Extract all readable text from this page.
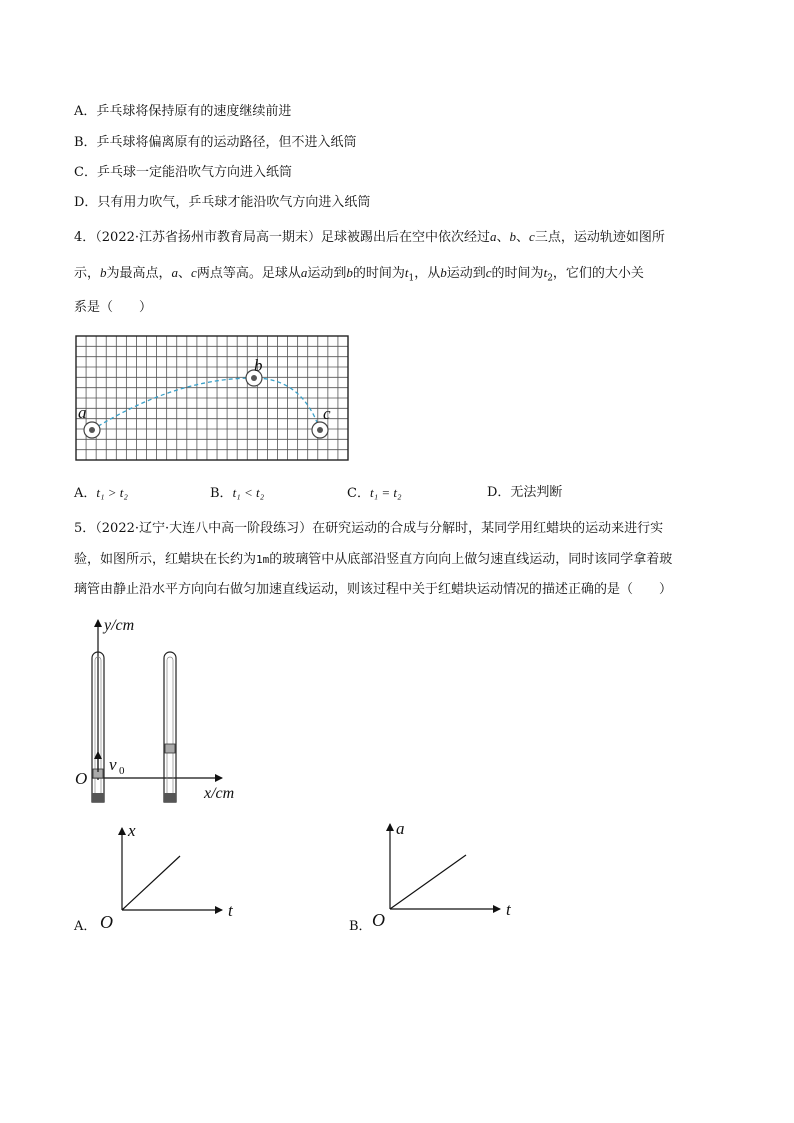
A．乒乓球将保持原有的速度继续前进
B．乒乓球将偏离原有的运动路径，但不进入纸筒
C．乒乓球一定能沿吹气方向进入纸筒
D．只有用力吹气，乒乓球才能沿吹气方向进入纸筒
4．（2022·江苏省扬州市教育局高一期末）足球被踢出后在空中依次经过a、b、c三点，运动轨迹如图所
示，b为最高点，a、c两点等高。足球从a运动到b的时间为$t_1$，从b运动到c的时间为$t_2$，它们的大小关
系是（　　）
a
b
c
A．t₁ > t₂	B．t₁ < t₂	C．t₁ = t₂	D．无法判断
5．（2022·辽宁·大连八中高一阶段练习）在研究运动的合成与分解时，某同学用红蜡块的运动来进行实
验，如图所示，红蜡块在长约为1m的玻璃管中从底部沿竖直方向向上做匀速直线运动，同时该同学拿着玻
璃管由静止沿水平方向向右做匀加速直线运动，则该过程中关于红蜡块运动情况的描述正确的是（　　）
y/cm
x/cm
O
v 0
A．
x
t
O	B．
a
t
O
